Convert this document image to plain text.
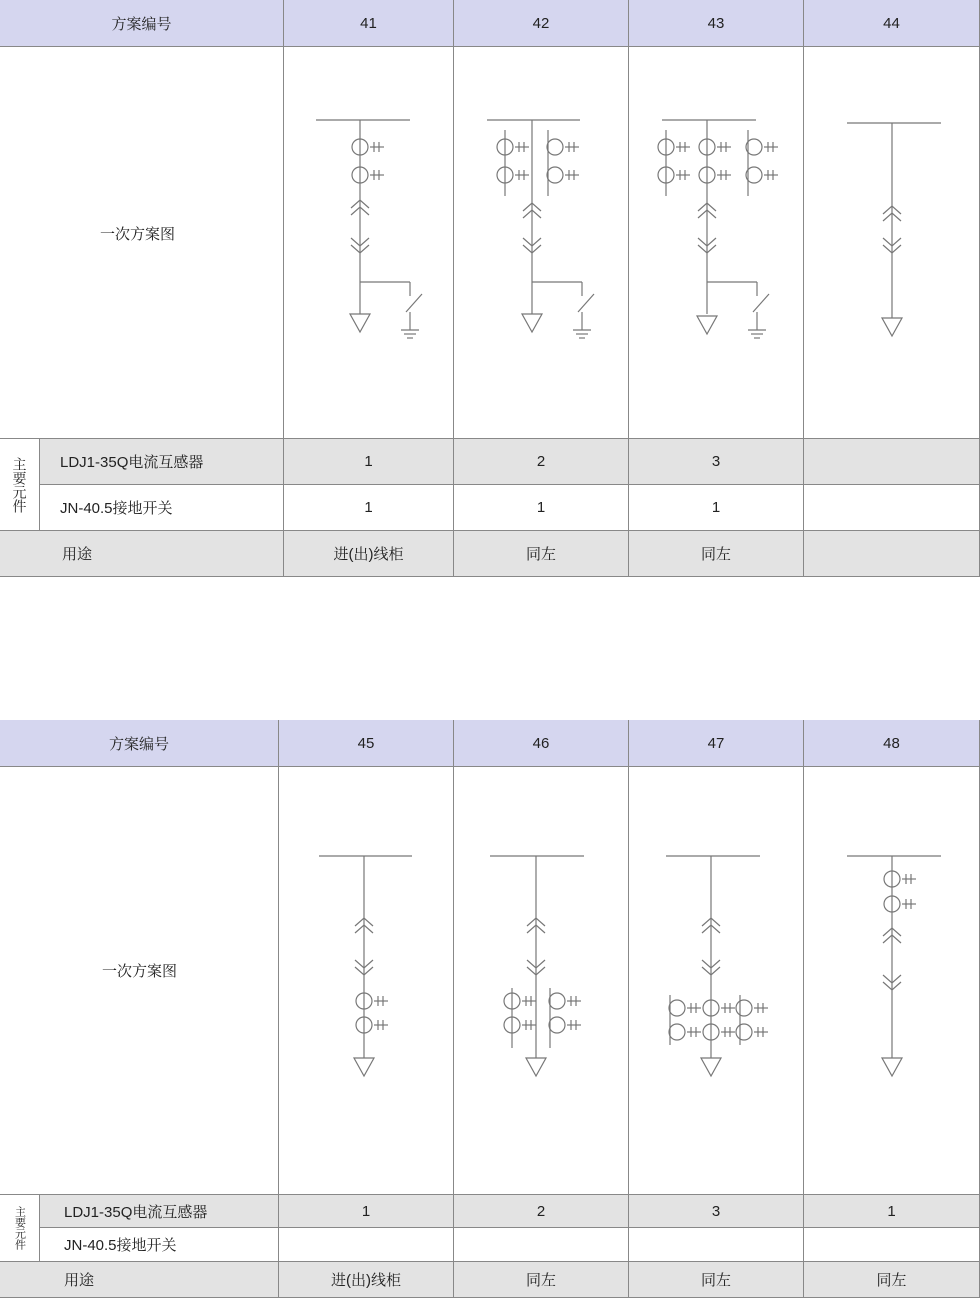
方案编号	41	42	43	44
一次方案图
主要元件	LDJ1-35Q电流互感器	1	2	3
JN-40.5接地开关	1	1	1
用途	进(出)线柜	同左	同左
方案编号	45	46	47	48
一次方案图
主要元件	LDJ1-35Q电流互感器	1	2	3	1
JN-40.5接地开关
用途	进(出)线柜	同左	同左	同左
